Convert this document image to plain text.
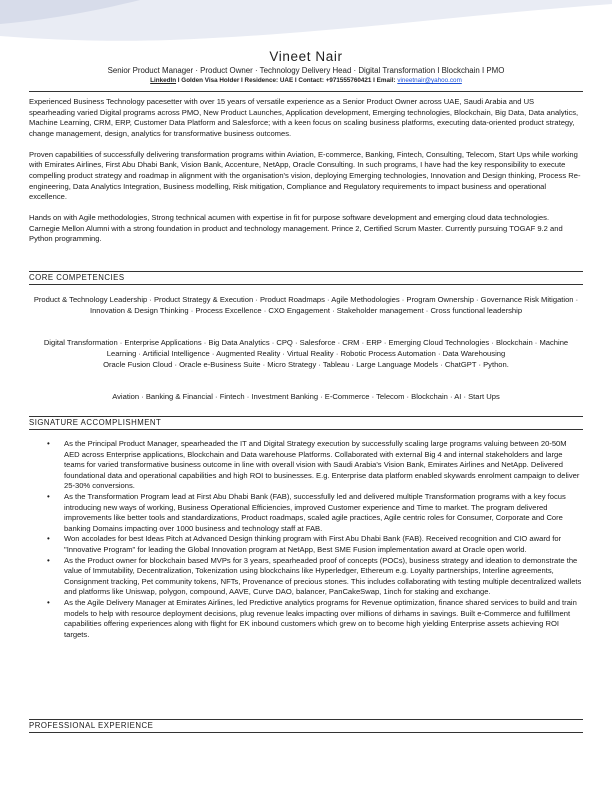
Vineet Nair
Senior Product Manager · Product Owner · Technology Delivery Head · Digital Transformation I Blockchain I PMO
LinkedIn I Golden Visa Holder I Residence: UAE I Contact: +971555760421 I Email: vineetnair@yahoo.com

Experienced Business Technology pacesetter with over 15 years of versatile experience as a Senior Product Owner across UAE, Saudi Arabia and US spearheading varied Digital programs across PMO, New Product Launches, Application development, Emerging technologies, Blockchain, Big Data, Data analytics, Machine Learning, CRM, ERP, Customer Data Platform and Salesforce; with a keen focus on scaling business platforms, executing data-oriented product strategy, change management, design, analytics for transformative business outcomes.

Proven capabilities of successfully delivering transformation programs within Aviation, E-commerce, Banking, Fintech, Consulting, Telecom, Start Ups while working with Emirates Airlines, First Abu Dhabi Bank, Vision Bank, Accenture, NetApp, Oracle Consulting. In such programs, I have had the key responsibility to execute compelling product strategy and roadmap in alignment with the organisation's vision, deploying Emerging technologies, Innovation and Design thinking, Process Re-engineering, Data Analytics Integration, Business modelling, Risk mitigation, Compliance and Regulatory requirements to impact business and operational excellence.

Hands on with Agile methodologies, Strong technical acumen with expertise in fit for purpose software development and emerging cloud data technologies. Carnegie Mellon Alumni with a strong foundation in product and technology management. Prince 2, Certified Scrum Master. Currently pursuing TOGAF 9.2 and Python programming.

CORE COMPETENCIES

Product & Technology Leadership · Product Strategy & Execution · Product Roadmaps · Agile Methodologies · Program Ownership · Governance Risk Mitigation · Innovation & Design Thinking · Process Excellence · CXO Engagement · Stakeholder management · Cross functional leadership

Digital Transformation · Enterprise Applications · Big Data Analytics · CPQ · Salesforce · CRM · ERP · Emerging Cloud Technologies · Blockchain · Machine Learning · Artificial Intelligence · Augmented Reality · Virtual Reality · Robotic Process Automation · Data Warehousing

Oracle Fusion Cloud · Oracle e-Business Suite · Micro Strategy · Tableau · Large Language Models · ChatGPT · Python.

Aviation · Banking & Financial · Fintech · Investment Banking · E-Commerce · Telecom · Blockchain · AI · Start Ups

SIGNATURE ACCOMPLISHMENT
• As the Principal Product Manager, spearheaded the IT and Digital Strategy execution by successfully scaling large programs valuing between 20-50M AED across Enterprise applications, Blockchain and Data warehouse Platforms. Collaborated with external Big 4 and internal stakeholders and large teams for varied transformative business outcome in line with overall vision with Saudi Arabia's Vision Bank, Emirates Airlines and NetApp. Delivered foundational data and operational capabilities and high ROI to businesses. E.g. Enterprise data platform enabled skywards enrolment campaign to deliver 25-30% conversions.
• As the Transformation Program lead at First Abu Dhabi Bank (FAB), successfully led and delivered multiple Transformation programs with a key focus introducing new ways of working, Business Operational Efficiencies, improved Customer experience and Time to market. The program delivered improvements like better tools and standardizations, Product roadmaps, scaled agile practices, Agile centric roles for Consumer, Corporate and Core banking Domains impacting over 1000 business and technology staff at FAB.
• Won accolades for best Ideas Pitch at Advanced Design thinking program with First Abu Dhabi Bank (FAB). Received recognition and CIO award for "Innovative Program" for leading the Global Innovation program at NetApp, Best SME Fusion implementation award at Oracle open world.
• As the Product owner for blockchain based MVPs for 3 years, spearheaded proof of concepts (POCs), business strategy and ideation to demonstrate the value of Immutability, Decentralization, Tokenization using blockchains like Hyperledger, Ethereum e.g. Loyalty partnerships, Interline agreements, Consignment tracking, Pet community tokens, NFTs, Provenance of precious stones. This includes collaborating with testing multiple decentralized wallets and platforms like Uniswap, polygon, compound, AAVE, Curve DAO, balancer, PanCakeSwap, 1inch for staking and exchange.
• As the Agile Delivery Manager at Emirates Airlines, led Predictive analytics programs for Revenue optimization, finance shared services to build and train models to help with resource deployment decisions, plug revenue leaks impacting over millions of dirhams in savings. Built e-Commerce and fulfillment capabilities offering experiences along with flight for EK inbound customers which grew on to become high yielding Enterprise assets achieving ROI targets.
PROFESSIONAL EXPERIENCE
